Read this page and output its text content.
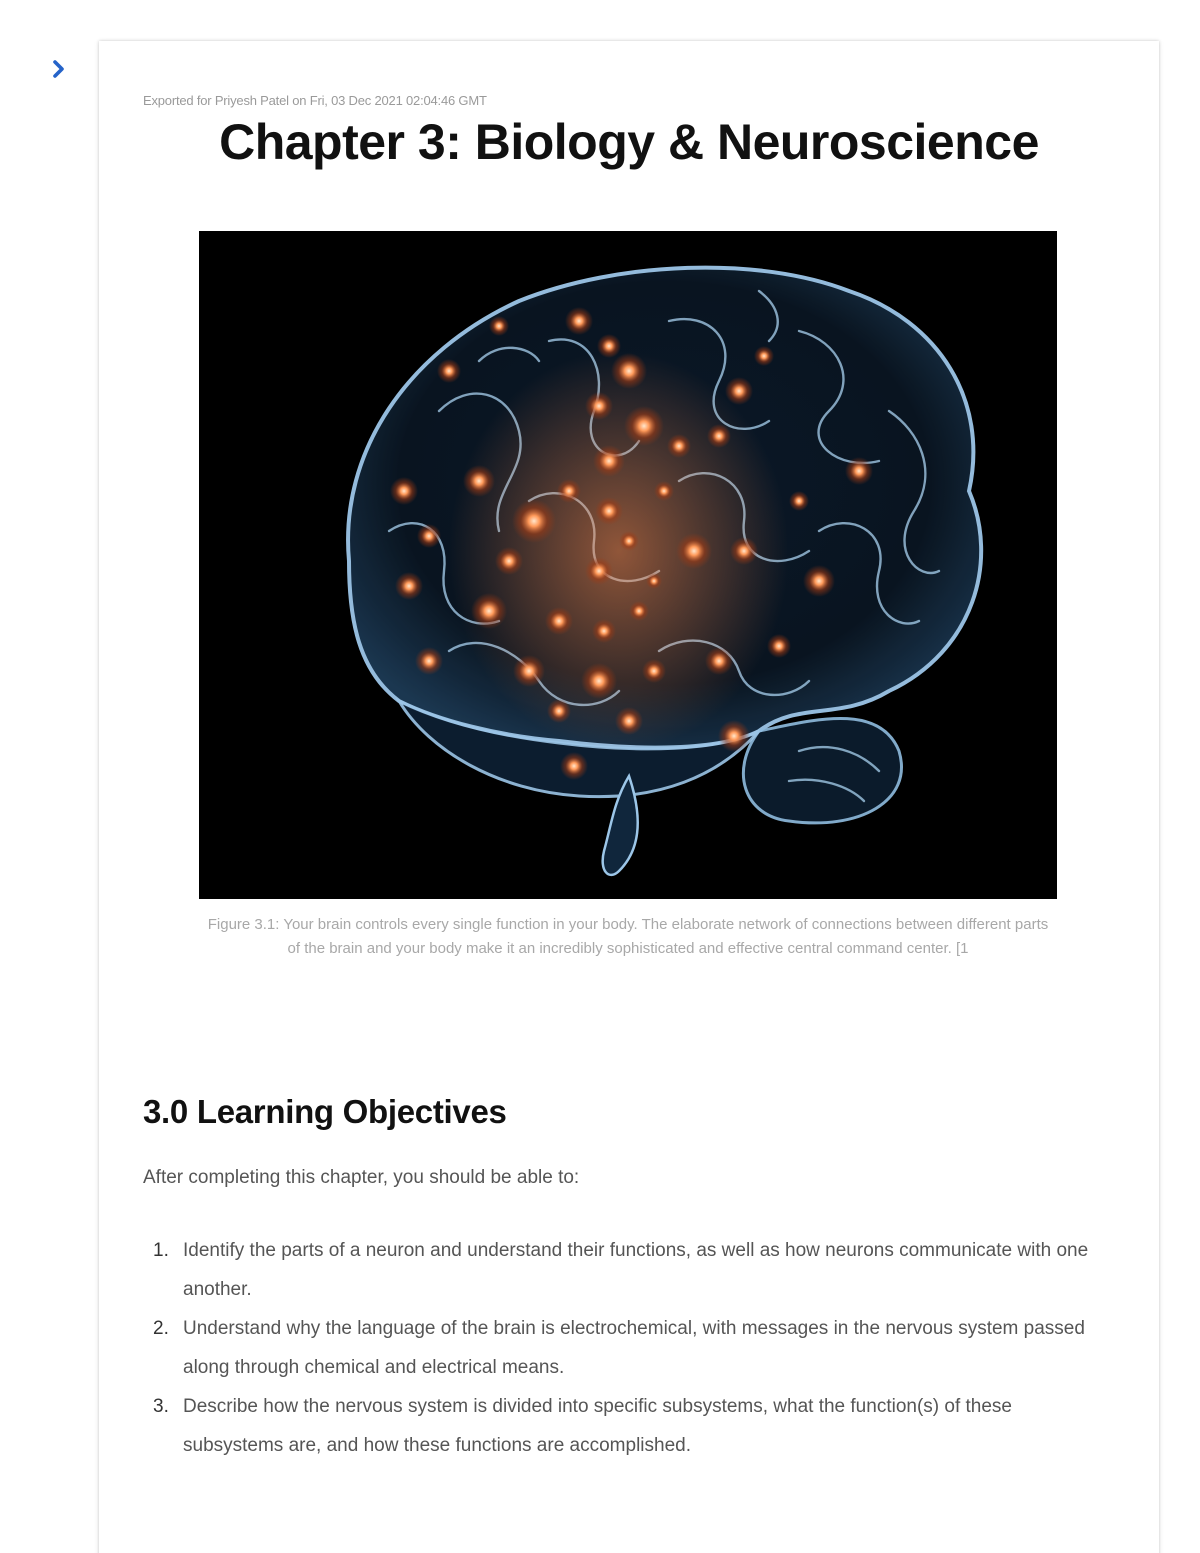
Exported for Priyesh Patel on Fri, 03 Dec 2021 02:04:46 GMT
Chapter 3: Biology & Neuroscience
Figure 3.1: Your brain controls every single function in your body. The elaborate network of connections between different parts of the brain and your body make it an incredibly sophisticated and effective central command center. [1
3.0 Learning Objectives

After completing this chapter, you should be able to:

Identify the parts of a neuron and understand their functions, as well as how neurons communicate with one another.
Understand why the language of the brain is electrochemical, with messages in the nervous system passed along through chemical and electrical means.
Describe how the nervous system is divided into specific subsystems, what the function(s) of these subsystems are, and how these functions are accomplished.
